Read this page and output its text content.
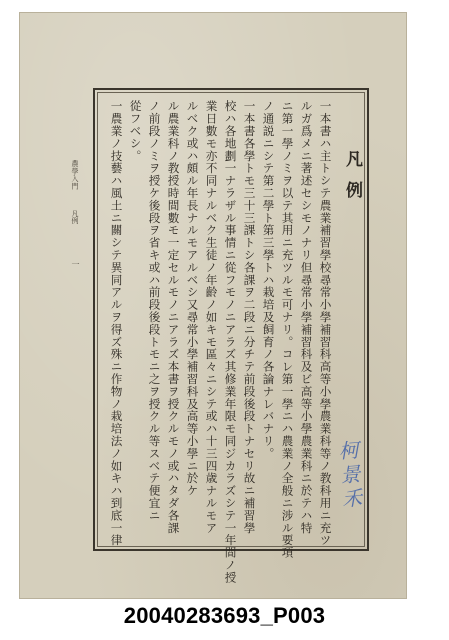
凡例
一本書ハ主トシテ農業補習學校尋常小學補習科高等小學農業科等ノ教科用ニ充ツ
ルガ爲メニ著述セシモノナリ但尋常小學補習科及ビ高等小學農業科ニ於テハ特
ニ第一學ノミヲ以テ其用ニ充ツルモ可ナリ。コレ第一學ニハ農業ノ全般ニ涉ル要項
ノ通説ニシテ第二學ト第三學トハ栽培及飼育ノ各論ナレバナリ。
一本書各學トモ三十三課トシ各課ヲ二段ニ分チテ前段後段トナセリ故ニ補習學
校ハ各地劃一ナラザル事情ニ從フモノニアラズ其修業年限モ同ジカラズシテ一年間ノ授
業日數モ亦不同ナルベク生徒ノ年齡ノ如キモ區々ニシテ或ハ十三四歳ナルモア
ルベク或ハ頗ル年長ナルモアルベシ又尋常小學補習科及高等小學ニ於ケ
ル農業科ノ教授時間數モ一定セルモノニアラズ本書ヲ授クルモノ或ハタダ各課
ノ前段ノミヲ授ケ後段ヲ省キ或ハ前段後段トモニ之ヲ授クル等スベテ便宜ニ
從フベシ。
一農業ノ技藝ハ風土ニ關シテ異同アルヲ得ズ殊ニ作物ノ栽培法ノ如キハ到底一律
農學入門
凡例
一
柯景禾
20040283693_P003
